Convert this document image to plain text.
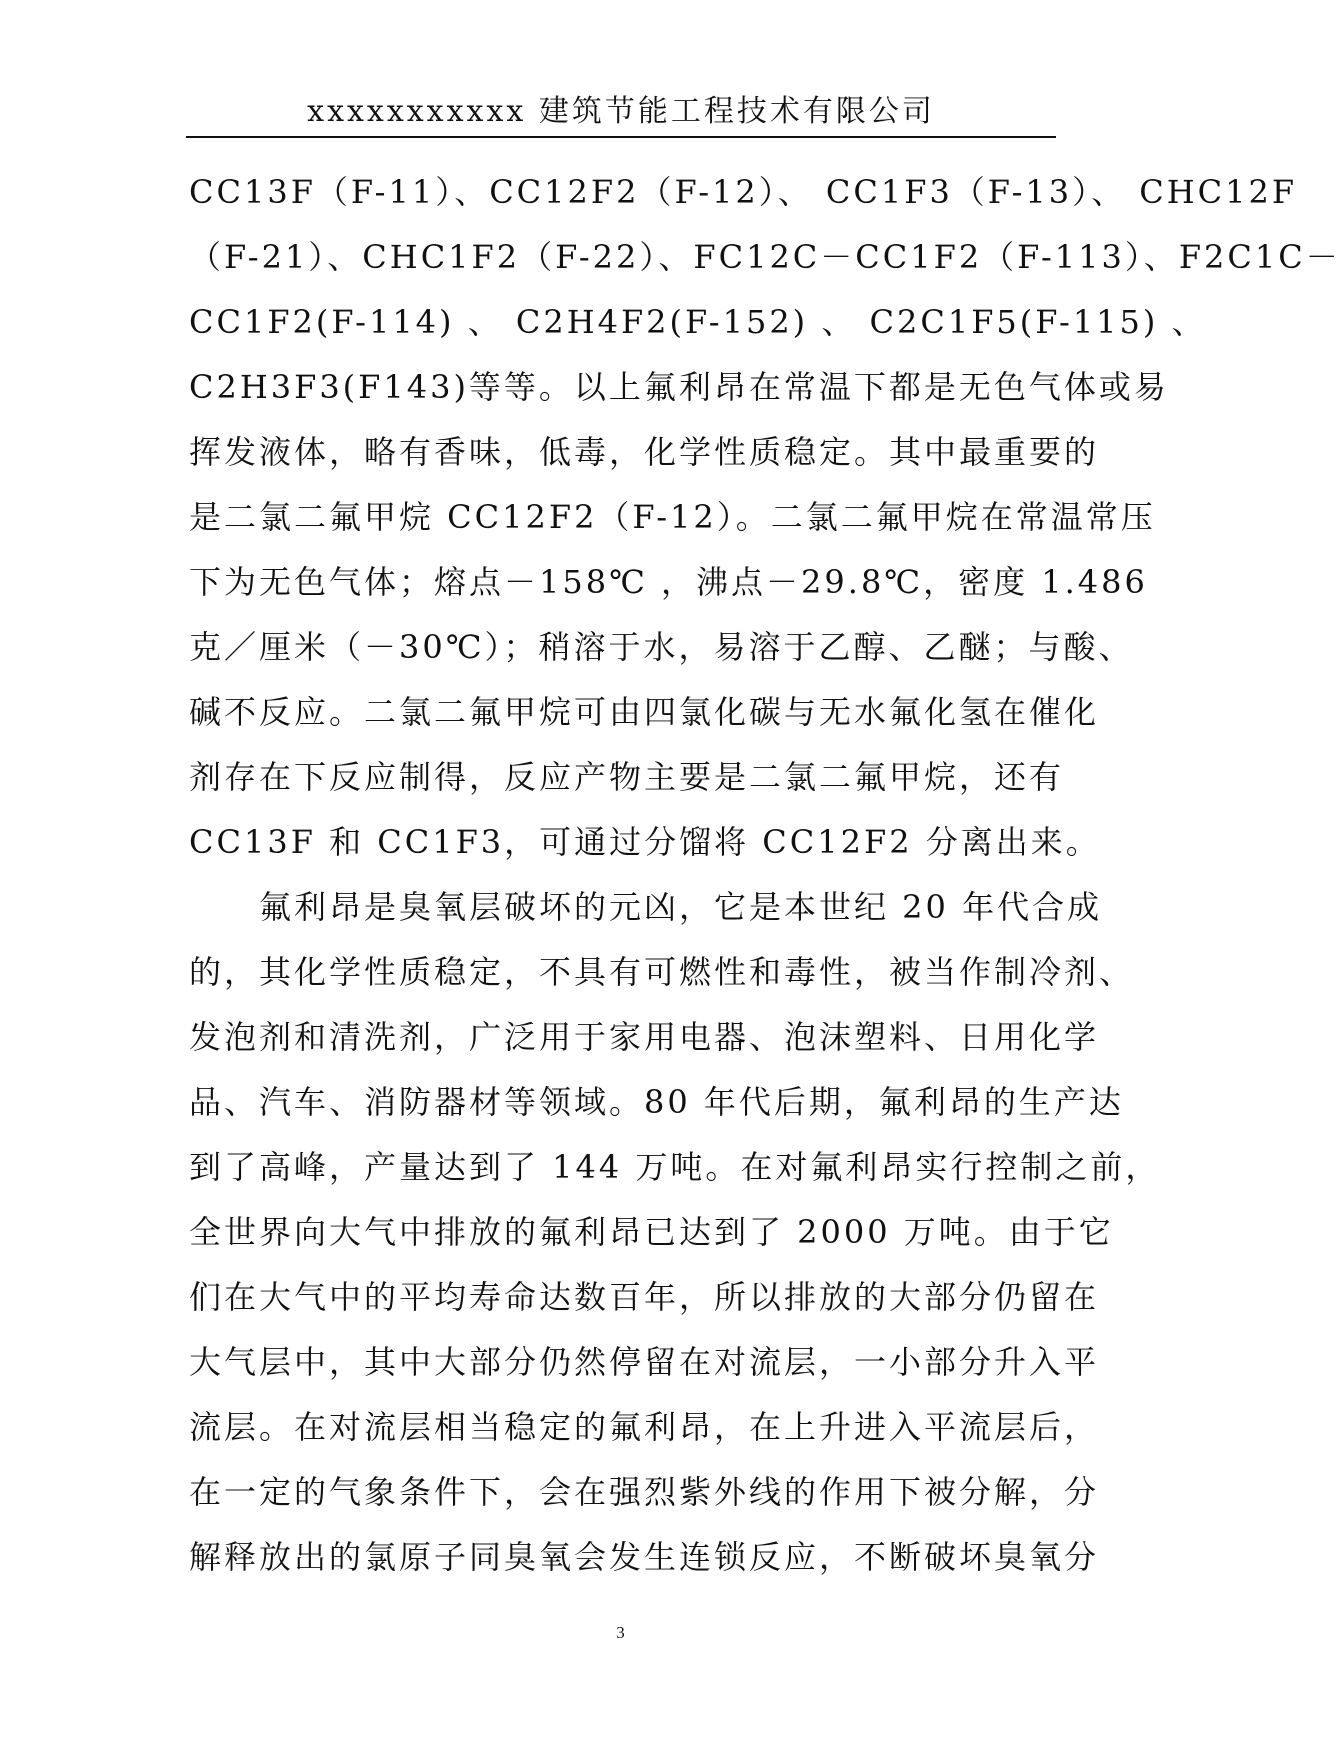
xxxxxxxxxxx 建筑节能工程技术有限公司
CC13F（F-11）、CC12F2（F-12）、 CC1F3（F-13）、 CHC12F
（F-21）、CHC1F2（F-22）、FC12C－CC1F2（F-113）、F2C1C－
CC1F2(F-114) 、 C2H4F2(F-152) 、 C2C1F5(F-115) 、
C2H3F3(F143)等等。以上氟利昂在常温下都是无色气体或易
挥发液体，略有香味，低毒，化学性质稳定。其中最重要的
是二氯二氟甲烷 CC12F2（F-12）。二氯二氟甲烷在常温常压
下为无色气体；熔点－158℃ ，沸点－29.8℃，密度 1.486
克／厘米（－30℃）；稍溶于水，易溶于乙醇、乙醚；与酸、
碱不反应。二氯二氟甲烷可由四氯化碳与无水氟化氢在催化
剂存在下反应制得，反应产物主要是二氯二氟甲烷，还有
CC13F 和 CC1F3，可通过分馏将 CC12F2 分离出来。
　　氟利昂是臭氧层破坏的元凶，它是本世纪 20 年代合成
的，其化学性质稳定，不具有可燃性和毒性，被当作制冷剂、
发泡剂和清洗剂，广泛用于家用电器、泡沫塑料、日用化学
品、汽车、消防器材等领域。80 年代后期，氟利昂的生产达
到了高峰，产量达到了 144 万吨。在对氟利昂实行控制之前，
全世界向大气中排放的氟利昂已达到了 2000 万吨。由于它
们在大气中的平均寿命达数百年，所以排放的大部分仍留在
大气层中，其中大部分仍然停留在对流层，一小部分升入平
流层。在对流层相当稳定的氟利昂，在上升进入平流层后，
在一定的气象条件下，会在强烈紫外线的作用下被分解，分
解释放出的氯原子同臭氧会发生连锁反应，不断破坏臭氧分
3
